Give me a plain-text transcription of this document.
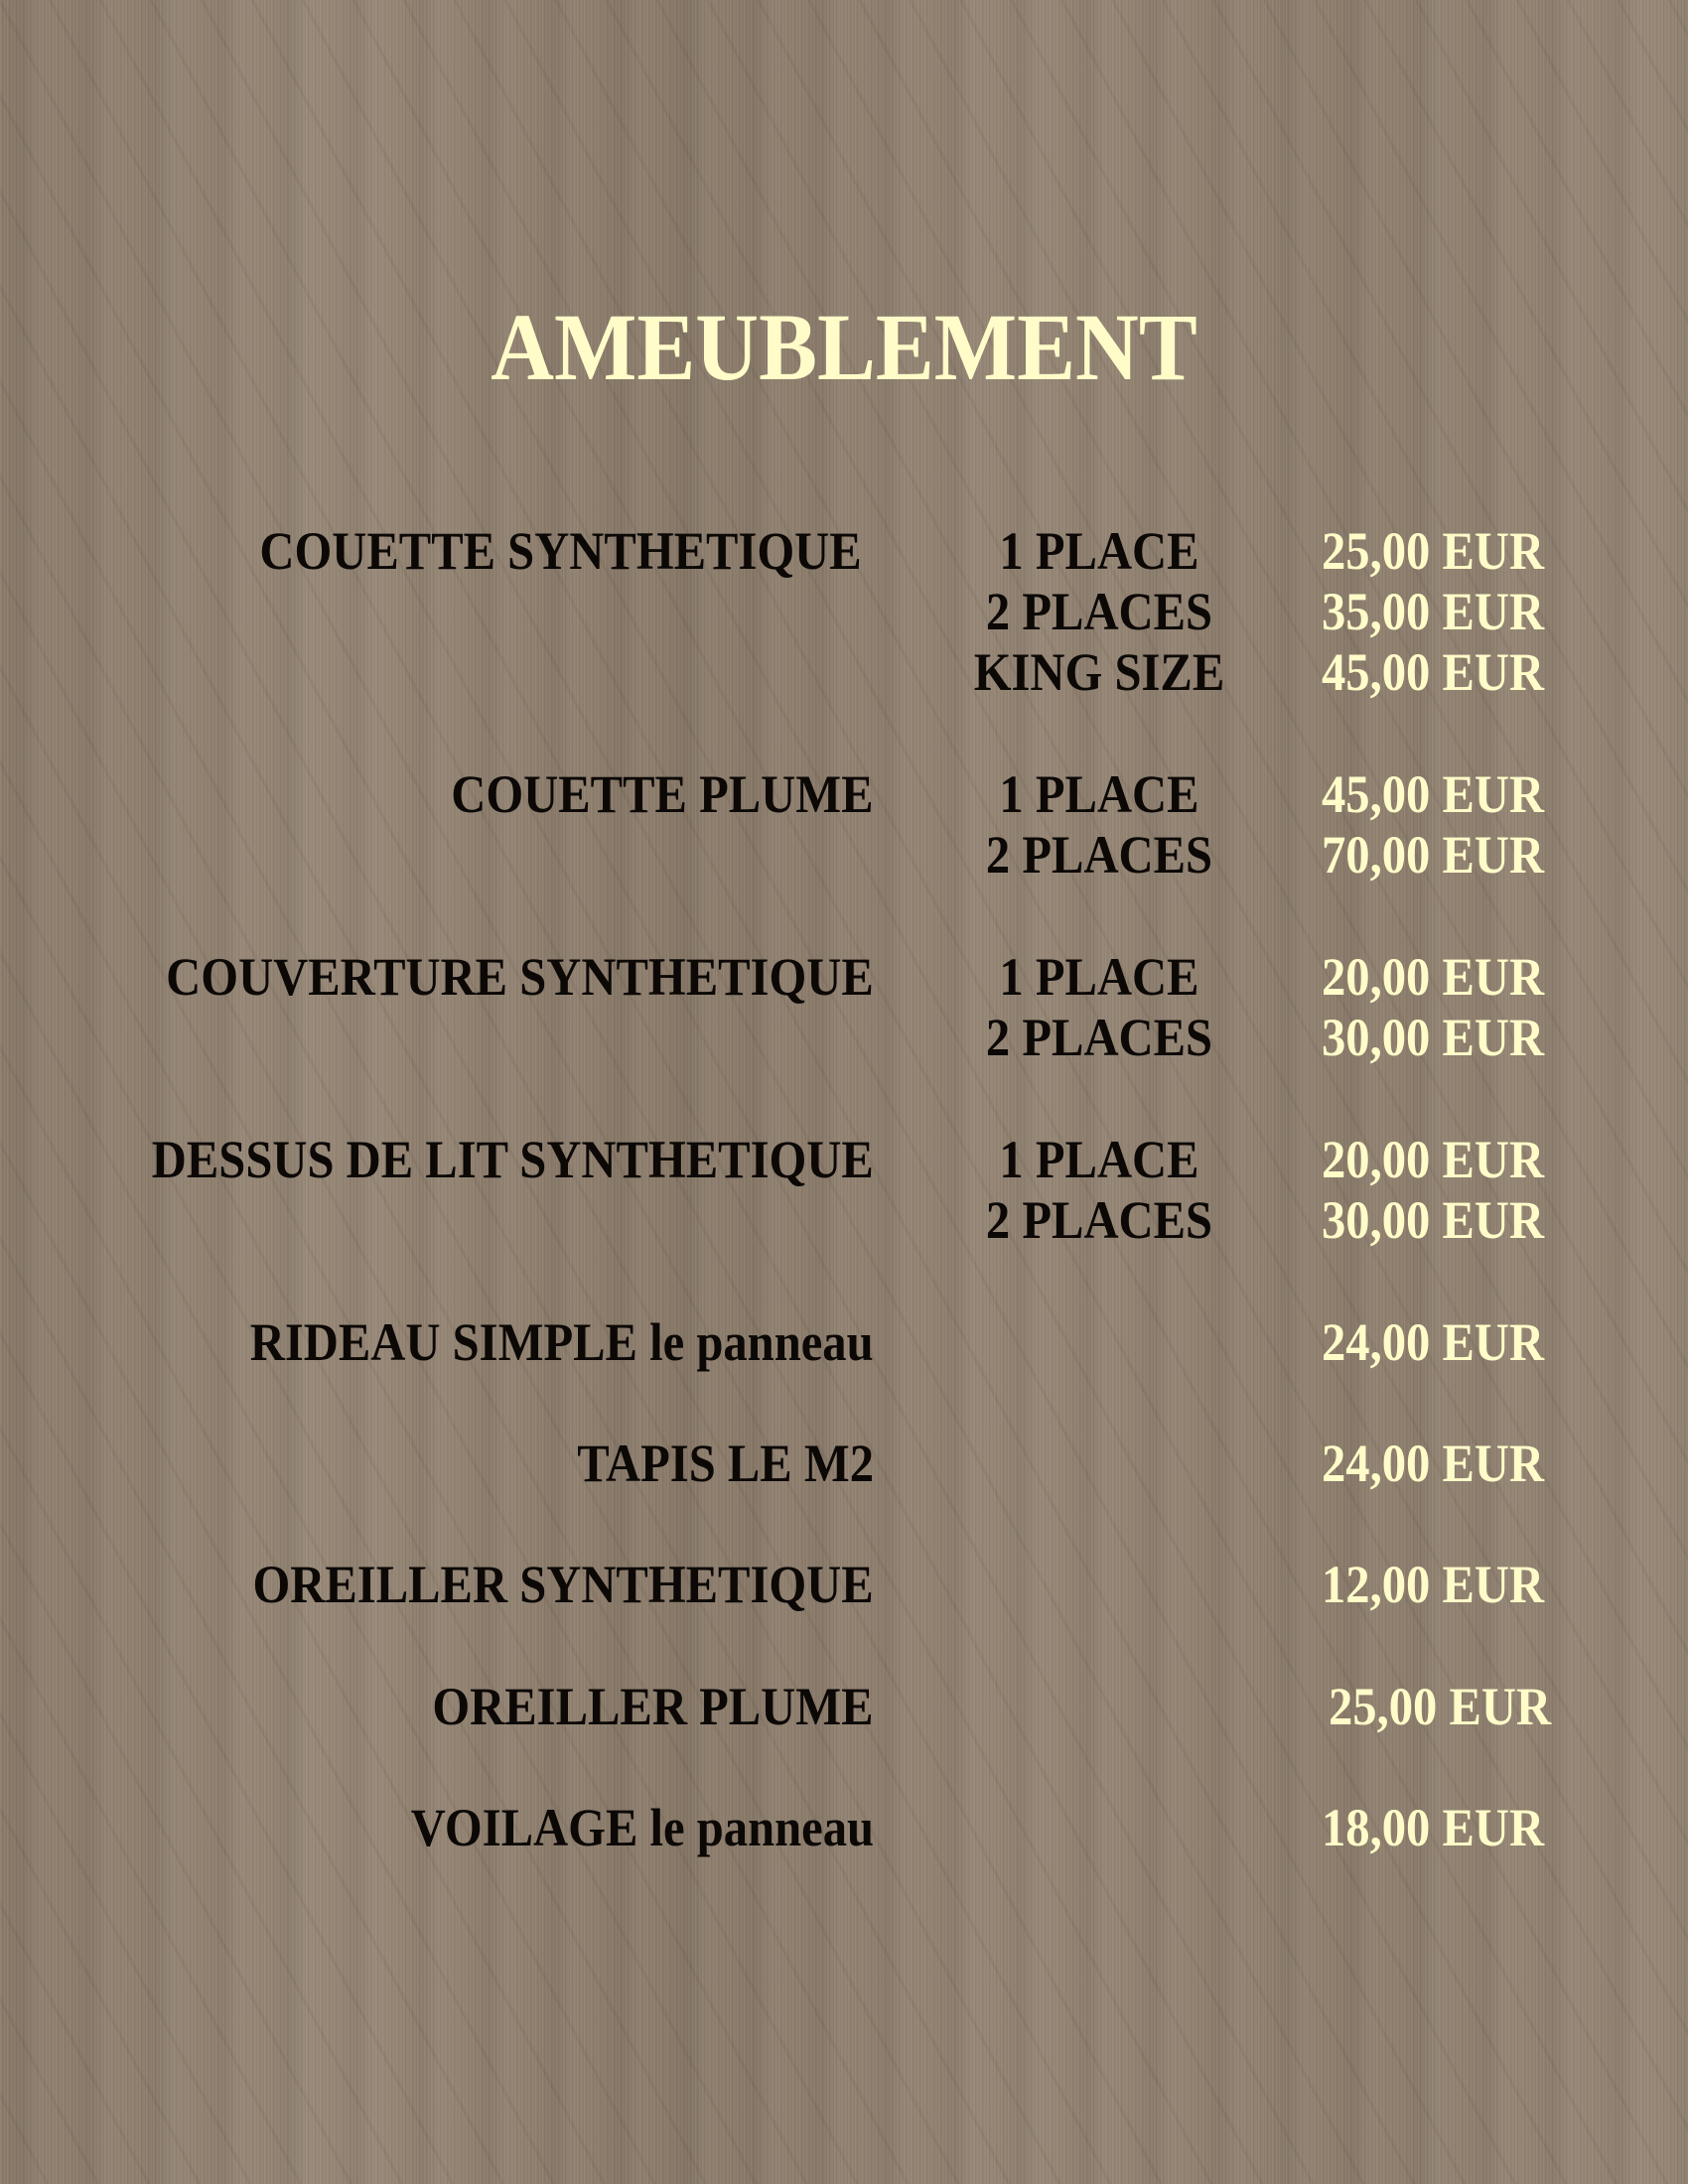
AMEUBLEMENT
COUETTE SYNTHETIQUE	1 PLACE	25,00 EUR
2 PLACES	35,00 EUR
KING SIZE 45,00 EUR
COUETTE PLUME	1 PLACE	45,00 EUR
2 PLACES	70,00 EUR
COUVERTURE SYNTHETIQUE	1 PLACE	20,00 EUR
2 PLACES	30,00 EUR
DESSUS DE LIT SYNTHETIQUE	1 PLACE	20,00 EUR
2 PLACES	30,00 EUR
RIDEAU SIMPLE le panneau	24,00 EUR
TAPIS LE M2	24,00 EUR
OREILLER SYNTHETIQUE	12,00 EUR
OREILLER PLUME	25,00 EUR
VOILAGE le panneau	18,00 EUR
